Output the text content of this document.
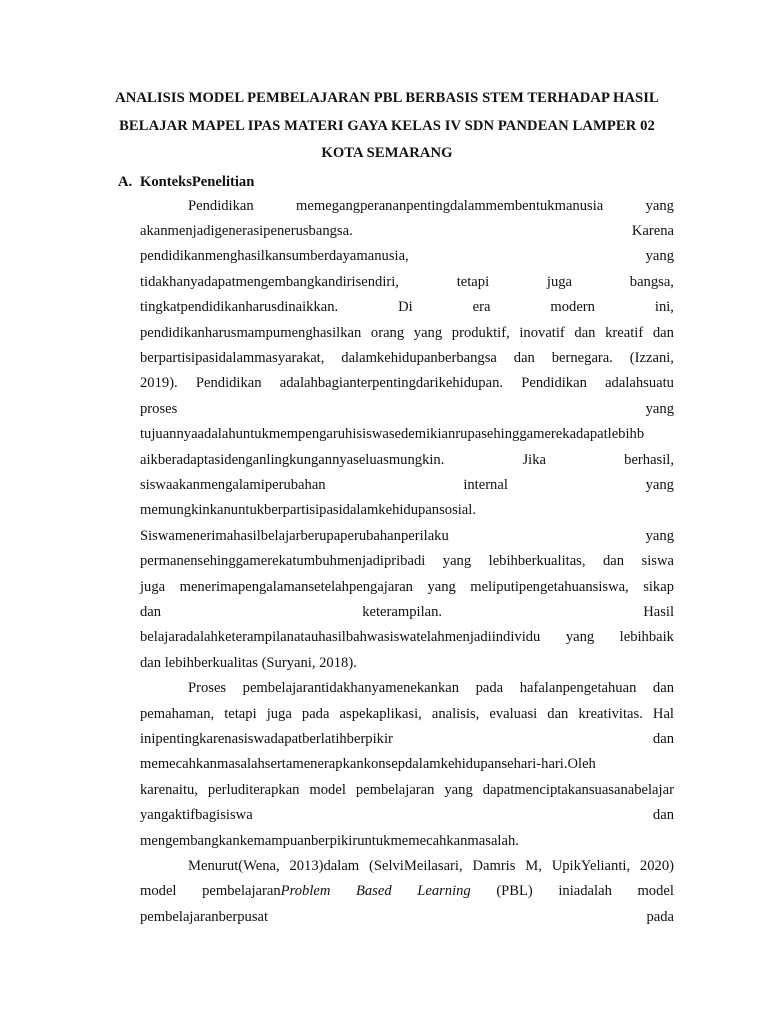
ANALISIS MODEL PEMBELAJARAN PBL BERBASIS STEM TERHADAP HASIL
BELAJAR MAPEL IPAS MATERI GAYA KELAS IV SDN PANDEAN LAMPER 02
KOTA SEMARANG
A. KonteksPenelitian
Pendidikan	memegangperananpentingdalammembentukmanusia	yang
akanmenjadigenerasipenerusbangsa.	Karena
pendidikanmenghasilkansumberdayamanusia,	yang
tidakhanyadapatmengembangkandirisendiri,	tetapi	juga	bangsa,
tingkatpendidikanharusdinaikkan.	Di	era	modern	ini,
pendidikanharusmampumenghasilkan orang yang produktif, inovatif dan kreatif dan
berpartisipasidalammasyarakat, dalamkehidupanberbangsa dan bernegara. (Izzani,
2019). Pendidikan adalahbagianterpentingdarikehidupan. Pendidikan adalahsuatu
proses	yang
tujuannyaadalahuntukmempengaruhisiswasedemikianrupasehinggamerekadapatlebihb
aikberadaptasidenganlingkungannyaseluasmungkin.	Jika	berhasil,
siswaakanmengalamiperubahan	internal	yang
memungkinkanuntukberpartisipasidalamkehidupansosial.
Siswamenerimahasilbelajarberupaperubahanperilaku	yang
permanensehinggamerekatumbuhmenjadipribadi yang lebihberkualitas, dan siswa
juga menerimapengalamansetelahpengajaran yang meliputipengetahuansiswa, sikap
dan	keterampilan.	Hasil
belajaradalahketerampilanatauhasilbahwasiswatelahmenjadiindividu yang lebihbaik
dan lebihberkualitas (Suryani, 2018).
Proses pembelajarantidakhanyamenekankan pada hafalanpengetahuan dan
pemahaman, tetapi juga pada aspekaplikasi, analisis, evaluasi dan kreativitas. Hal
inipentingkarenasiswadapatberlatihberpikir	dan
memecahkanmasalahsertamenerapkankonsepdalamkehidupansehari-hari.Oleh
karenaitu, perluditerapkan model pembelajaran yang dapatmenciptakansuasanabelajar
yangaktifbagisiswa	dan
mengembangkankemampuanberpikiruntukmemecahkanmasalah.
Menurut(Wena, 2013)dalam (SelviMeilasari, Damris M, UpikYelianti, 2020)
model pembelajaranProblem Based Learning (PBL) iniadalah model
pembelajaranberpusat	pada
